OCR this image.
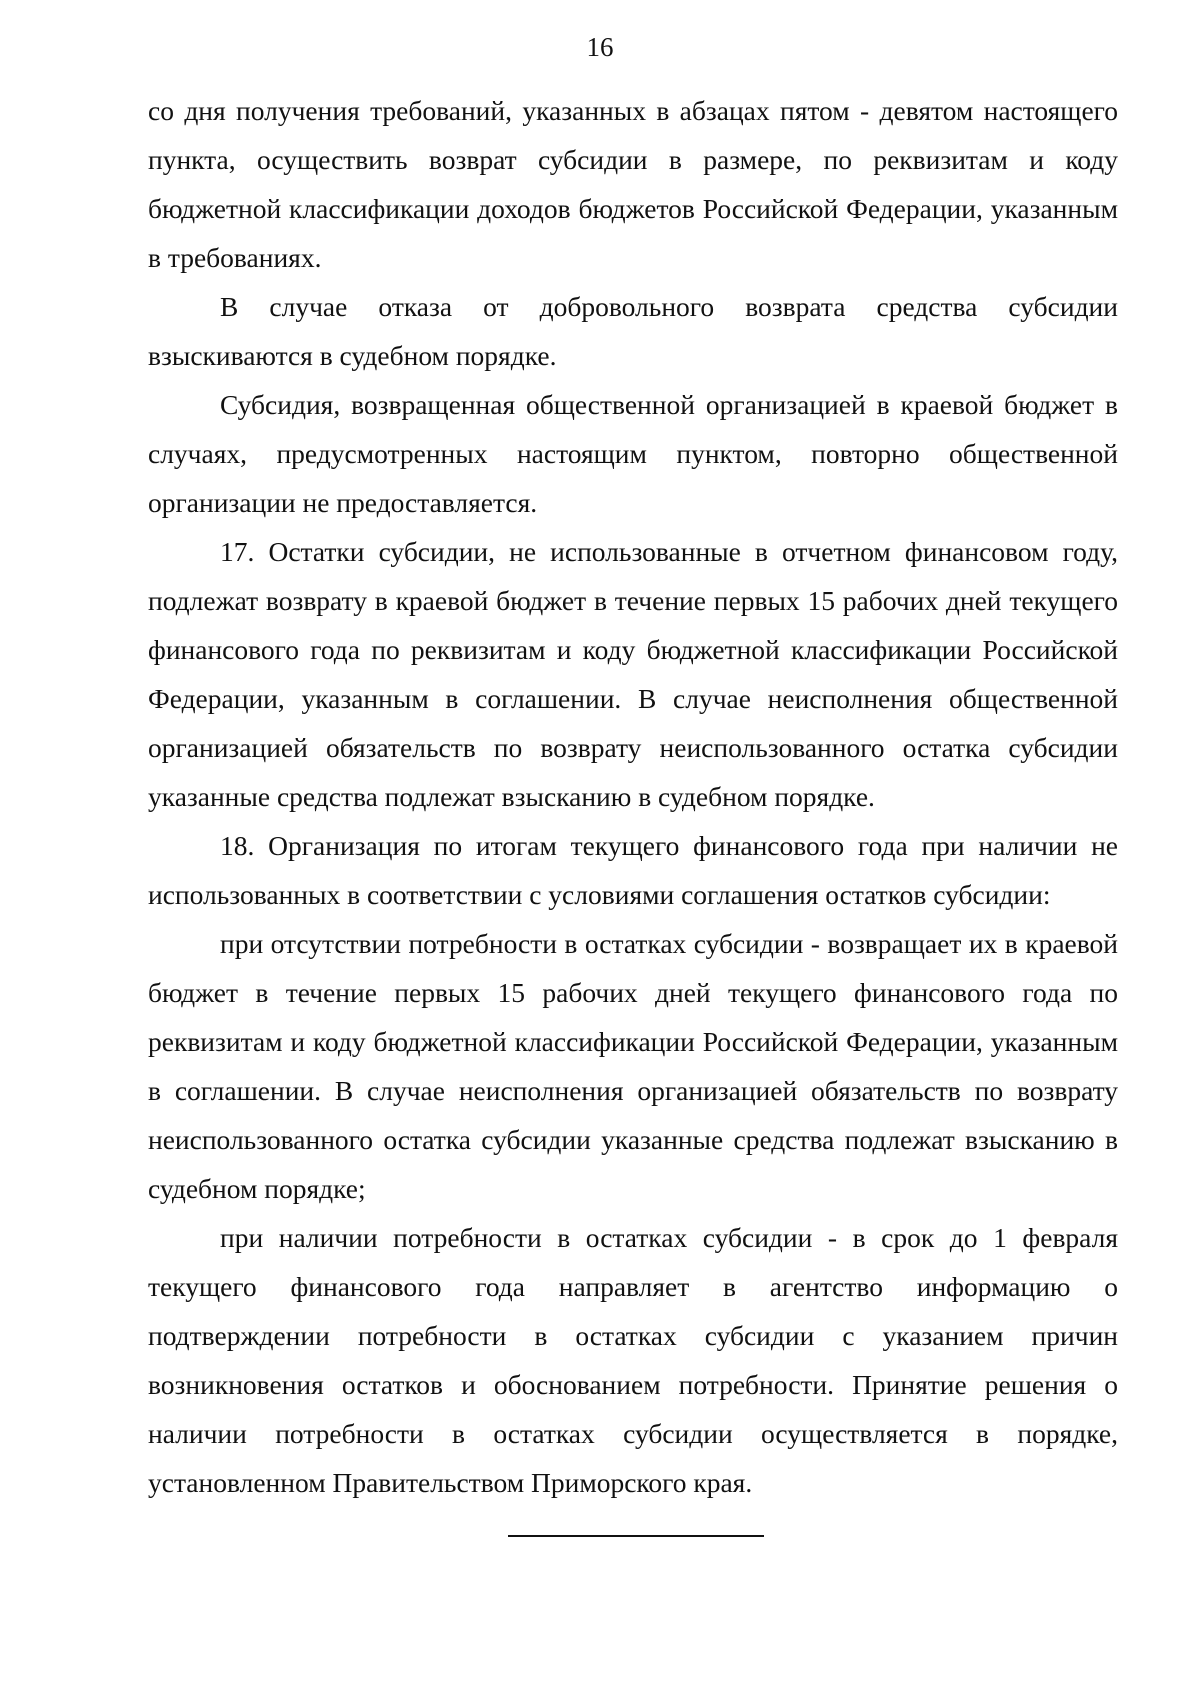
16

со дня получения требований, указанных в абзацах пятом - девятом настоящего пункта, осуществить возврат субсидии в размере, по реквизитам и коду бюджетной классификации доходов бюджетов Российской Федерации, указанным в требованиях.

В случае отказа от добровольного возврата средства субсидии взыскиваются в судебном порядке.

Субсидия, возвращенная общественной организацией в краевой бюджет в случаях, предусмотренных настоящим пунктом, повторно общественной организации не предоставляется.

17. Остатки субсидии, не использованные в отчетном финансовом году, подлежат возврату в краевой бюджет в течение первых 15 рабочих дней текущего финансового года по реквизитам и коду бюджетной классификации Российской Федерации, указанным в соглашении. В случае неисполнения общественной организацией обязательств по возврату неиспользованного остатка субсидии указанные средства подлежат взысканию в судебном порядке.

18. Организация по итогам текущего финансового года при наличии не использованных в соответствии с условиями соглашения остатков субсидии:

при отсутствии потребности в остатках субсидии - возвращает их в краевой бюджет в течение первых 15 рабочих дней текущего финансового года по реквизитам и коду бюджетной классификации Российской Федерации, указанным в соглашении. В случае неисполнения организацией обязательств по возврату неиспользованного остатка субсидии указанные средства подлежат взысканию в судебном порядке;

при наличии потребности в остатках субсидии - в срок до 1 февраля текущего финансового года направляет в агентство информацию о подтверждении потребности в остатках субсидии с указанием причин возникновения остатков и обоснованием потребности. Принятие решения о наличии потребности в остатках субсидии осуществляется в порядке, установленном Правительством Приморского края.
